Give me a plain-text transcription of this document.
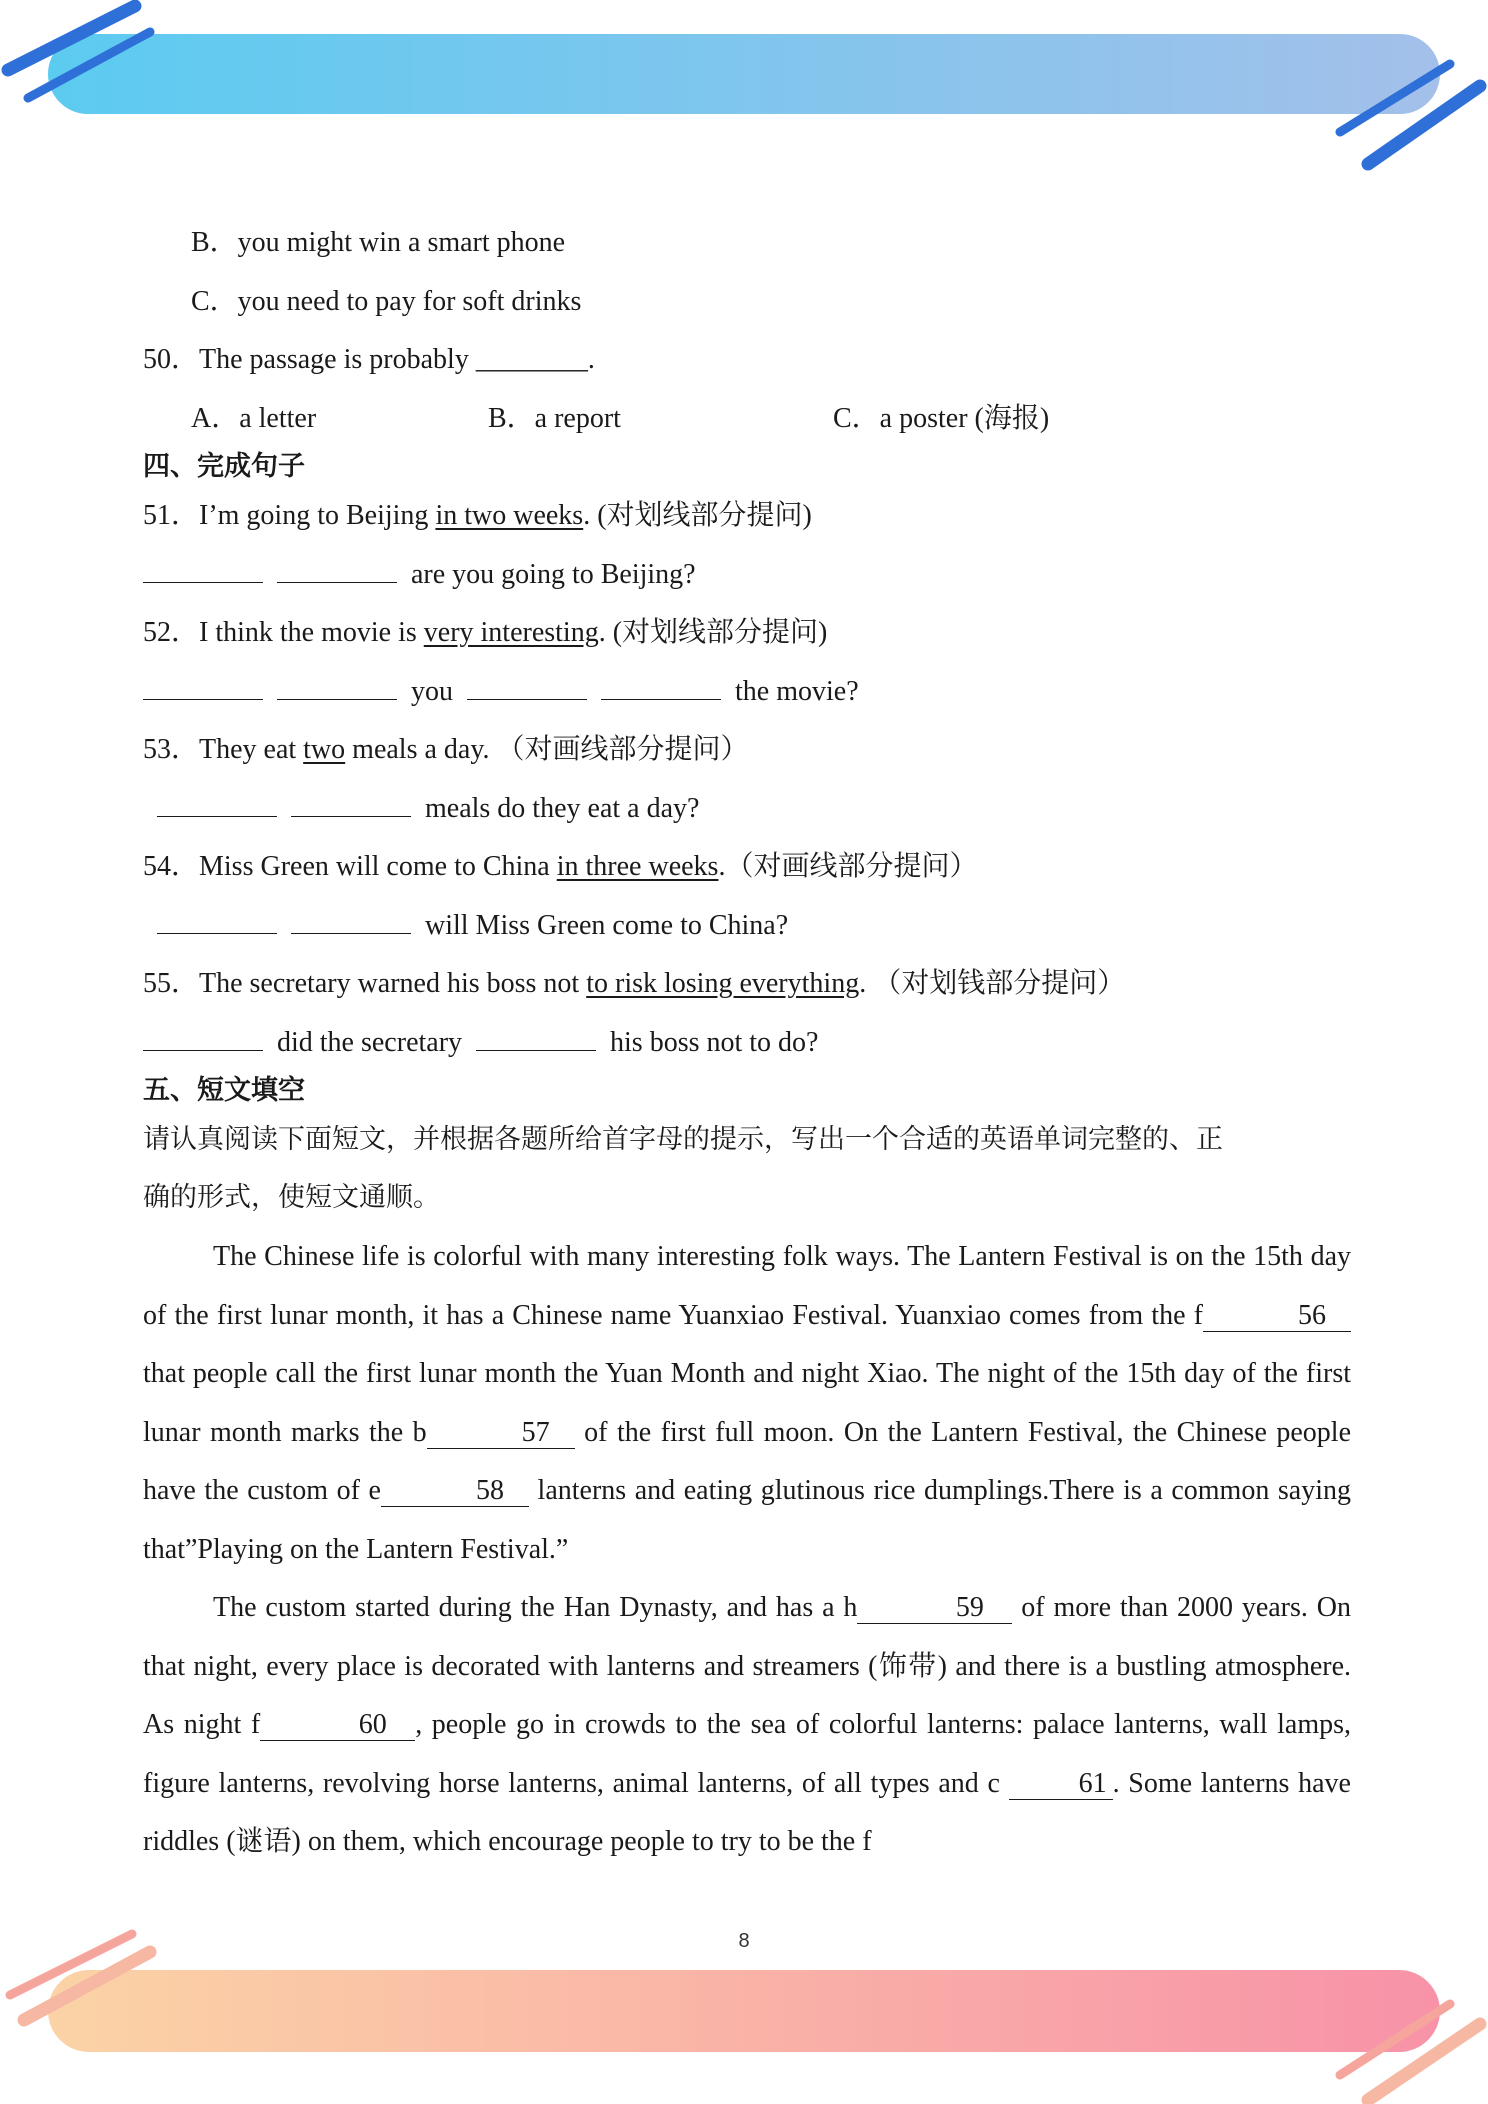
B．you might win a smart phone
C．you need to pay for soft drinks
50．The passage is probably ________.
A．a letter	B．a report	C．a poster (海报)
四、完成句子
51．I’m going to Beijing in two weeks. (对划线部分提问)
are you going to Beijing?
52．I think the movie is very interesting. (对划线部分提问)
you	the movie?
53．They eat two meals a day. （对画线部分提问）
meals do they eat a day?
54．Miss Green will come to China in three weeks.（对画线部分提问）
will Miss Green come to China?
55．The secretary warned his boss not to risk losing everything. （对划钱部分提问）
did the secretary	his boss not to do?
五、短文填空
请认真阅读下面短文，并根据各题所给首字母的提示，写出一个合适的英语单词完整的、正
确的形式，使短文通顺。

The Chinese life is colorful with many interesting folk ways. The Lantern Festival is on the 15th day of the first lunar month, it has a Chinese name Yuanxiao Festival. Yuanxiao comes from the f	56 that people call the first lunar month the Yuan Month and night Xiao. The night of the 15th day of the first lunar month marks the b	57 of the first full moon. On the Lantern Festival, the Chinese people have the custom of e	58 lanterns and eating glutinous rice dumplings.There is a common saying that”Playing on the Lantern Festival.”

The custom started during the Han Dynasty, and has a h	59 of more than 2000 years. On that night, every place is decorated with lanterns and streamers (饰带) and there is a bustling atmosphere. As night f	60 , people go in crowds to the sea of colorful lanterns: palace lanterns, wall lamps, figure lanterns, revolving horse lanterns, animal lanterns, of all types and c	61 . Some lanterns have riddles (谜语) on them, which encourage people to try to be the f

8
